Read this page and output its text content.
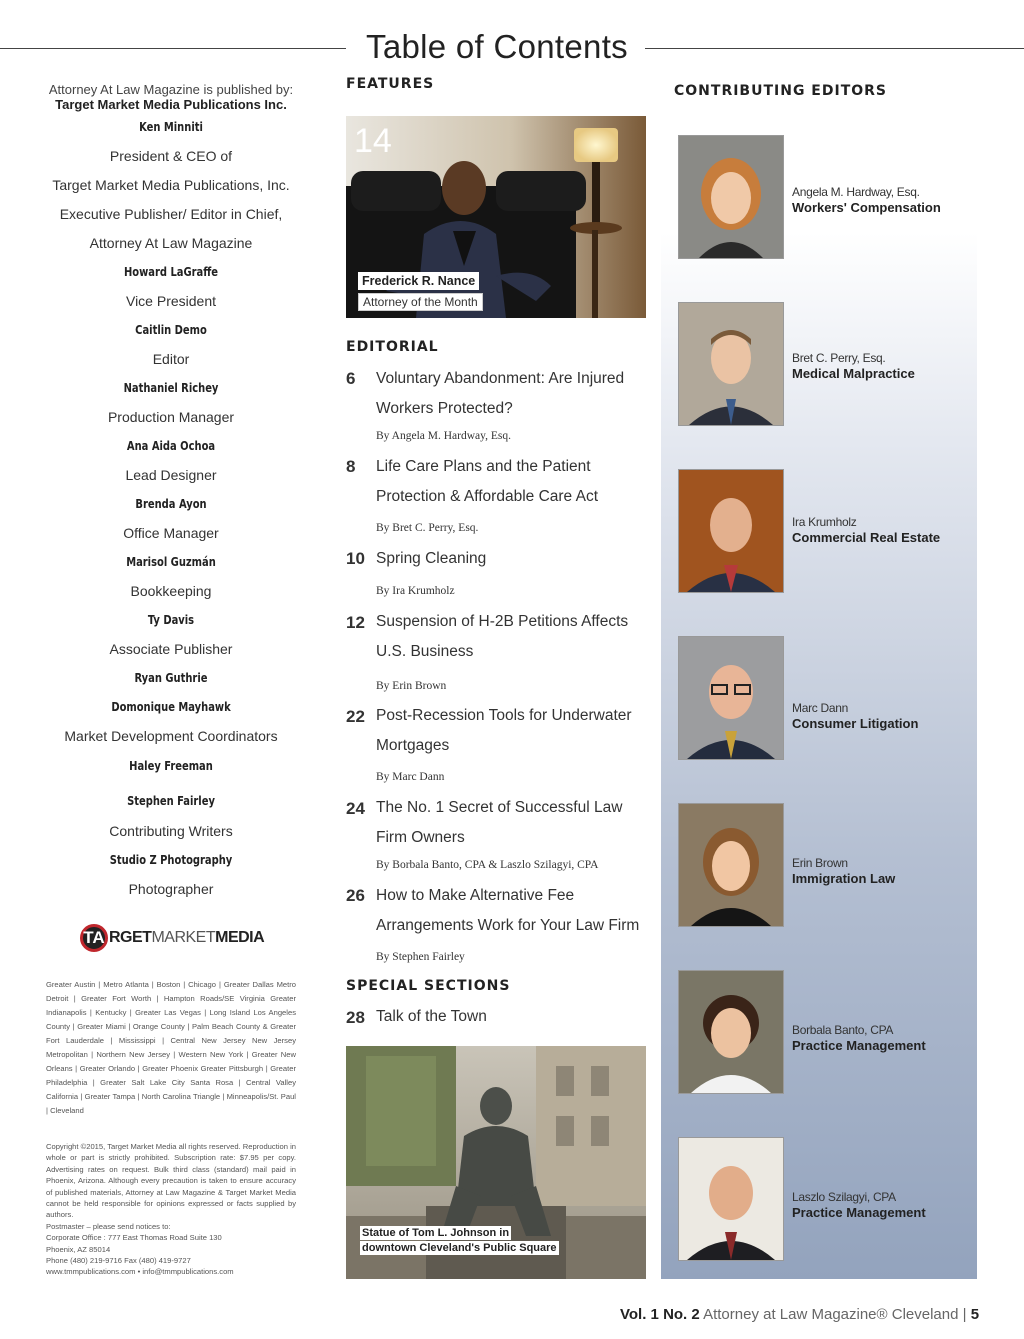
Table of Contents
Attorney At Law Magazine is published by:
Target Market Media Publications Inc.
Ken Minniti
President & CEO of
Target Market Media Publications, Inc.
Executive Publisher/ Editor in Chief,
Attorney At Law Magazine
Howard LaGraffe
Vice President
Caitlin Demo
Editor
Nathaniel Richey
Production Manager
Ana Aida Ochoa
Lead Designer
Brenda Ayon
Office Manager
Marisol Guzmán
Bookkeeping
Ty Davis
Associate Publisher
Ryan Guthrie
Domonique Mayhawk
Market Development Coordinators
Haley Freeman
Stephen Fairley
Contributing Writers
Studio Z Photography
Photographer
TA RGETMARKETMEDIA
Greater Austin | Metro Atlanta | Boston | Chicago | Greater Dallas Metro Detroit | Greater Fort Worth | Hampton Roads/SE Virginia Greater Indianapolis | Kentucky | Greater Las Vegas | Long Island Los Angeles County | Greater Miami | Orange County | Palm Beach County & Greater Fort Lauderdale | Mississippi | Central New Jersey New Jersey Metropolitan | Northern New Jersey | Western New York | Greater New Orleans | Greater Orlando | Greater Phoenix Greater Pittsburgh | Greater Philadelphia | Greater Salt Lake City Santa Rosa | Central Valley California | Greater Tampa | North Carolina Triangle | Minneapolis/St. Paul | Cleveland
Copyright ©2015, Target Market Media all rights reserved. Reproduction in whole or part is strictly prohibited. Subscription rate: $7.95 per copy. Advertising rates on request. Bulk third class (standard) mail paid in Phoenix, Arizona. Although every precaution is taken to ensure accuracy of published materials, Attorney at Law Magazine & Target Market Media cannot be held responsible for opinions expressed or facts supplied by authors.
Postmaster – please send notices to:
Corporate Office : 777 East Thomas Road Suite 130
Phoenix, AZ 85014
Phone (480) 219-9716 Fax (480) 419-9727
www.tmmpublications.com • info@tmmpublications.com
FEATURES
14
Frederick R. Nance
Attorney of the Month
EDITORIAL
6 Voluntary Abandonment: Are Injured Workers Protected?
By Angela M. Hardway, Esq.
8 Life Care Plans and the Patient Protection & Affordable Care Act
By Bret C. Perry, Esq.
10 Spring Cleaning
By Ira Krumholz
12 Suspension of H-2B Petitions Affects U.S. Business
By Erin Brown
22 Post-Recession Tools for Underwater Mortgages
By Marc Dann
24 The No. 1 Secret of Successful Law Firm Owners
By Borbala Banto, CPA & Laszlo Szilagyi, CPA
26 How to Make Alternative Fee Arrangements Work for Your Law Firm
By Stephen Fairley
SPECIAL SECTIONS
28 Talk of the Town
Statue of Tom L. Johnson in
downtown Cleveland's Public Square
CONTRIBUTING EDITORS
Angela M. Hardway, Esq.
Workers' Compensation
Bret C. Perry, Esq.
Medical Malpractice
Ira Krumholz
Commercial Real Estate
Marc Dann
Consumer Litigation
Erin Brown
Immigration Law
Borbala Banto, CPA
Practice Management
Laszlo Szilagyi, CPA
Practice Management
Vol. 1 No. 2 Attorney at Law Magazine® Cleveland | 5
